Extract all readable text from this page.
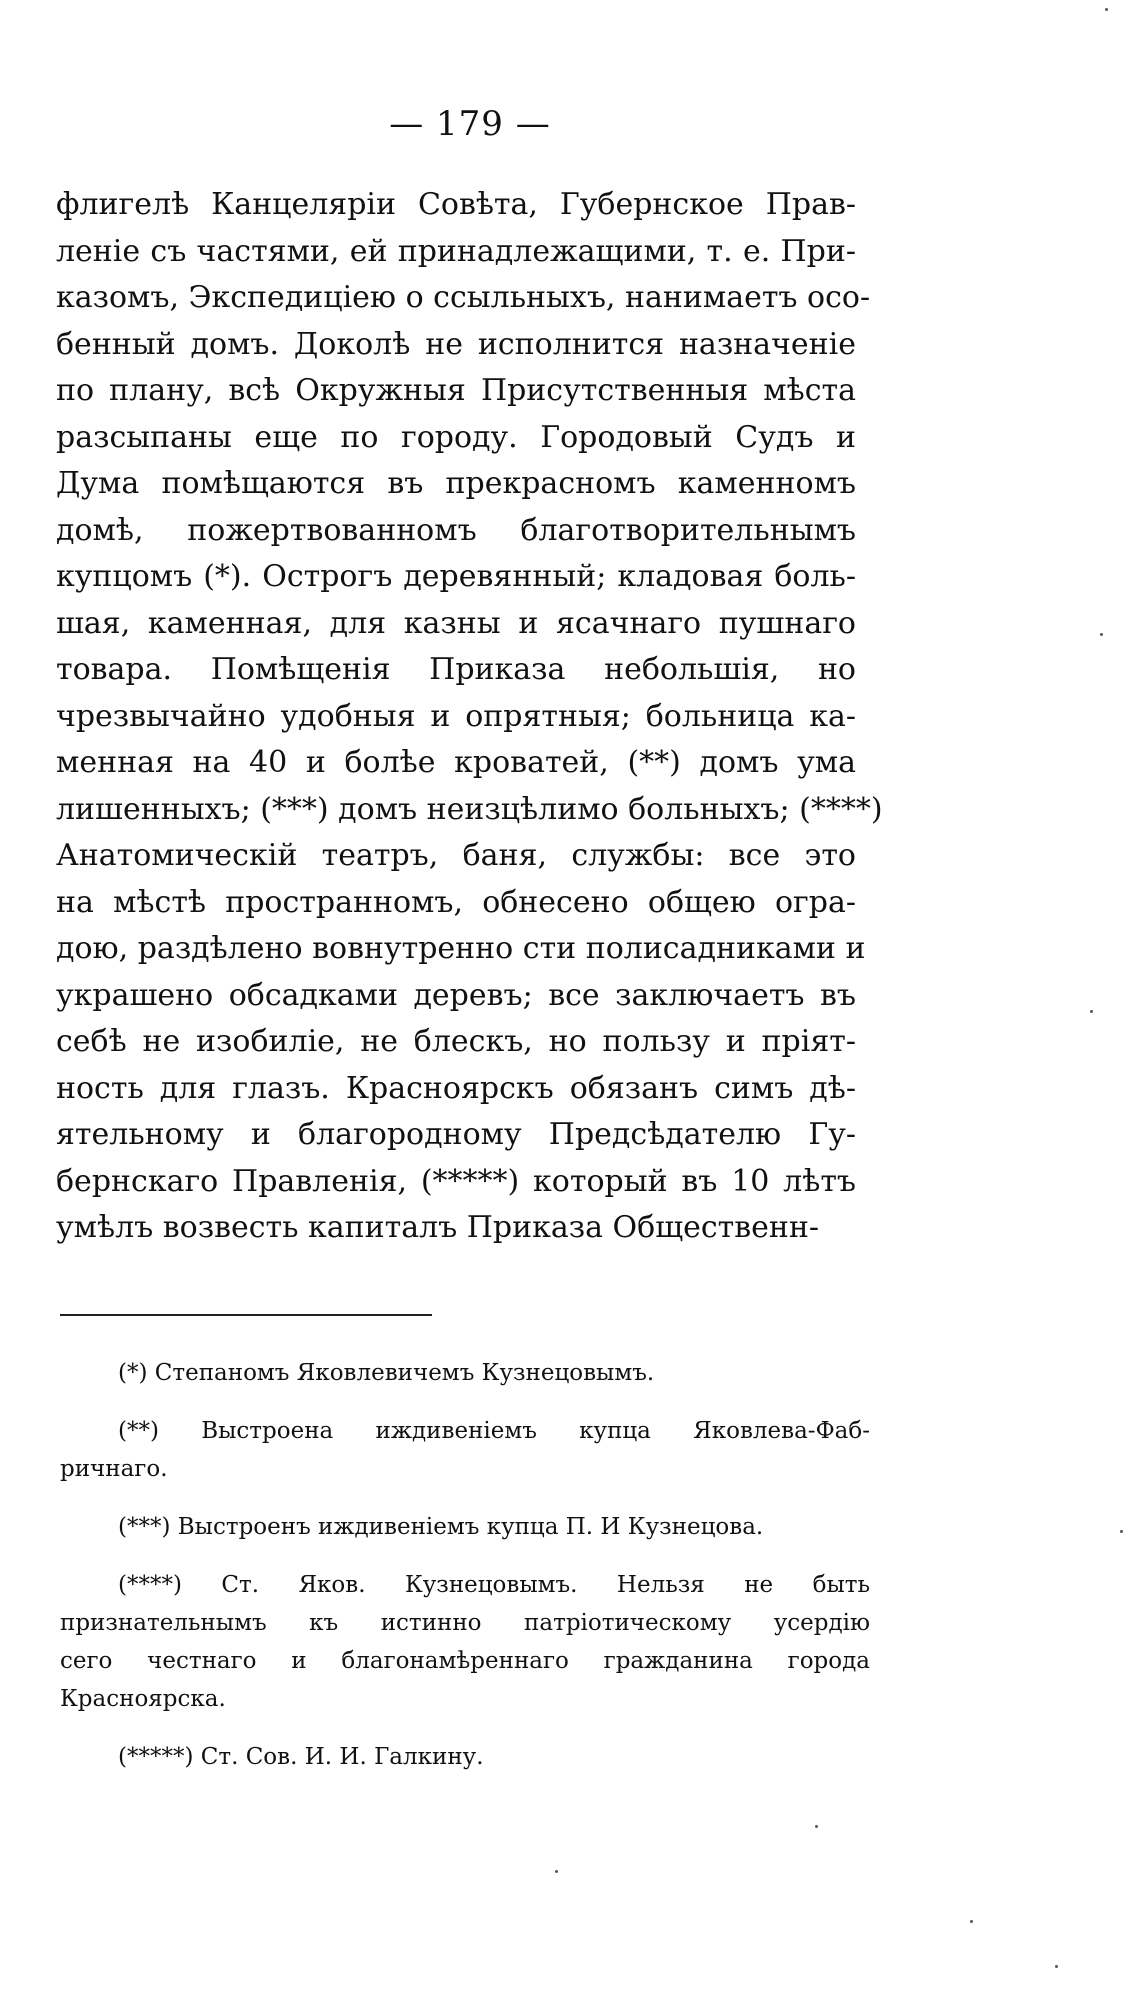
— 179 —
флигелѣ Канцелярiи Совѣта, Губернское Прав-
ленiе съ частями, ей принадлежащими, т. е. При-
казомъ, Экспедицiею о ссыльныхъ, нанимаетъ осо-
бенный домъ. Доколѣ не исполнится назначенiе
по плану, всѣ Окружныя Присутственныя мѣста
разсыпаны еще по городу. Городовый Судъ и
Дума помѣщаются въ прекрасномъ каменномъ
домѣ, пожертвованномъ благотворительнымъ
купцомъ (*). Острогъ деревянный; кладовая боль-
шая, каменная, для казны и ясачнаго пушнаго
товара. Помѣщенiя Приказа небольшiя, но
чрезвычайно удобныя и опрятныя; больница ка-
менная на 40 и болѣе кроватей, (**) домъ ума
лишенныхъ; (***) домъ неизцѣлимо больныхъ; (****)
Анатомическiй театръ, баня, службы: все это
на мѣстѣ пространномъ, обнесено общею огра-
дою, раздѣлено вовнутренно сти полисадниками и
украшено обсадками деревъ; все заключаетъ въ
себѣ не изобилiе, не блескъ, но пользу и прiят-
ность для глазъ. Красноярскъ обязанъ симъ дѣ-
ятельному и благородному Предсѣдателю Гу-
бернскаго Правленiя, (*****) который въ 10 лѣтъ
умѣлъ возвесть капиталъ Приказа Общественн-
(*) Степаномъ Яковлевичемъ Кузнецовымъ.
(**) Выстроена иждивенiемъ купца Яковлева-Фаб-
ричнаго.
(***) Выстроенъ иждивенiемъ купца П. И Кузнецова.
(****) Ст. Яков. Кузнецовымъ. Нельзя не быть
признательнымъ къ истинно патрiотическому усердiю
сего честнаго и благонамѣреннаго гражданина города
Красноярска.
(*****) Ст. Сов. И. И. Галкину.
